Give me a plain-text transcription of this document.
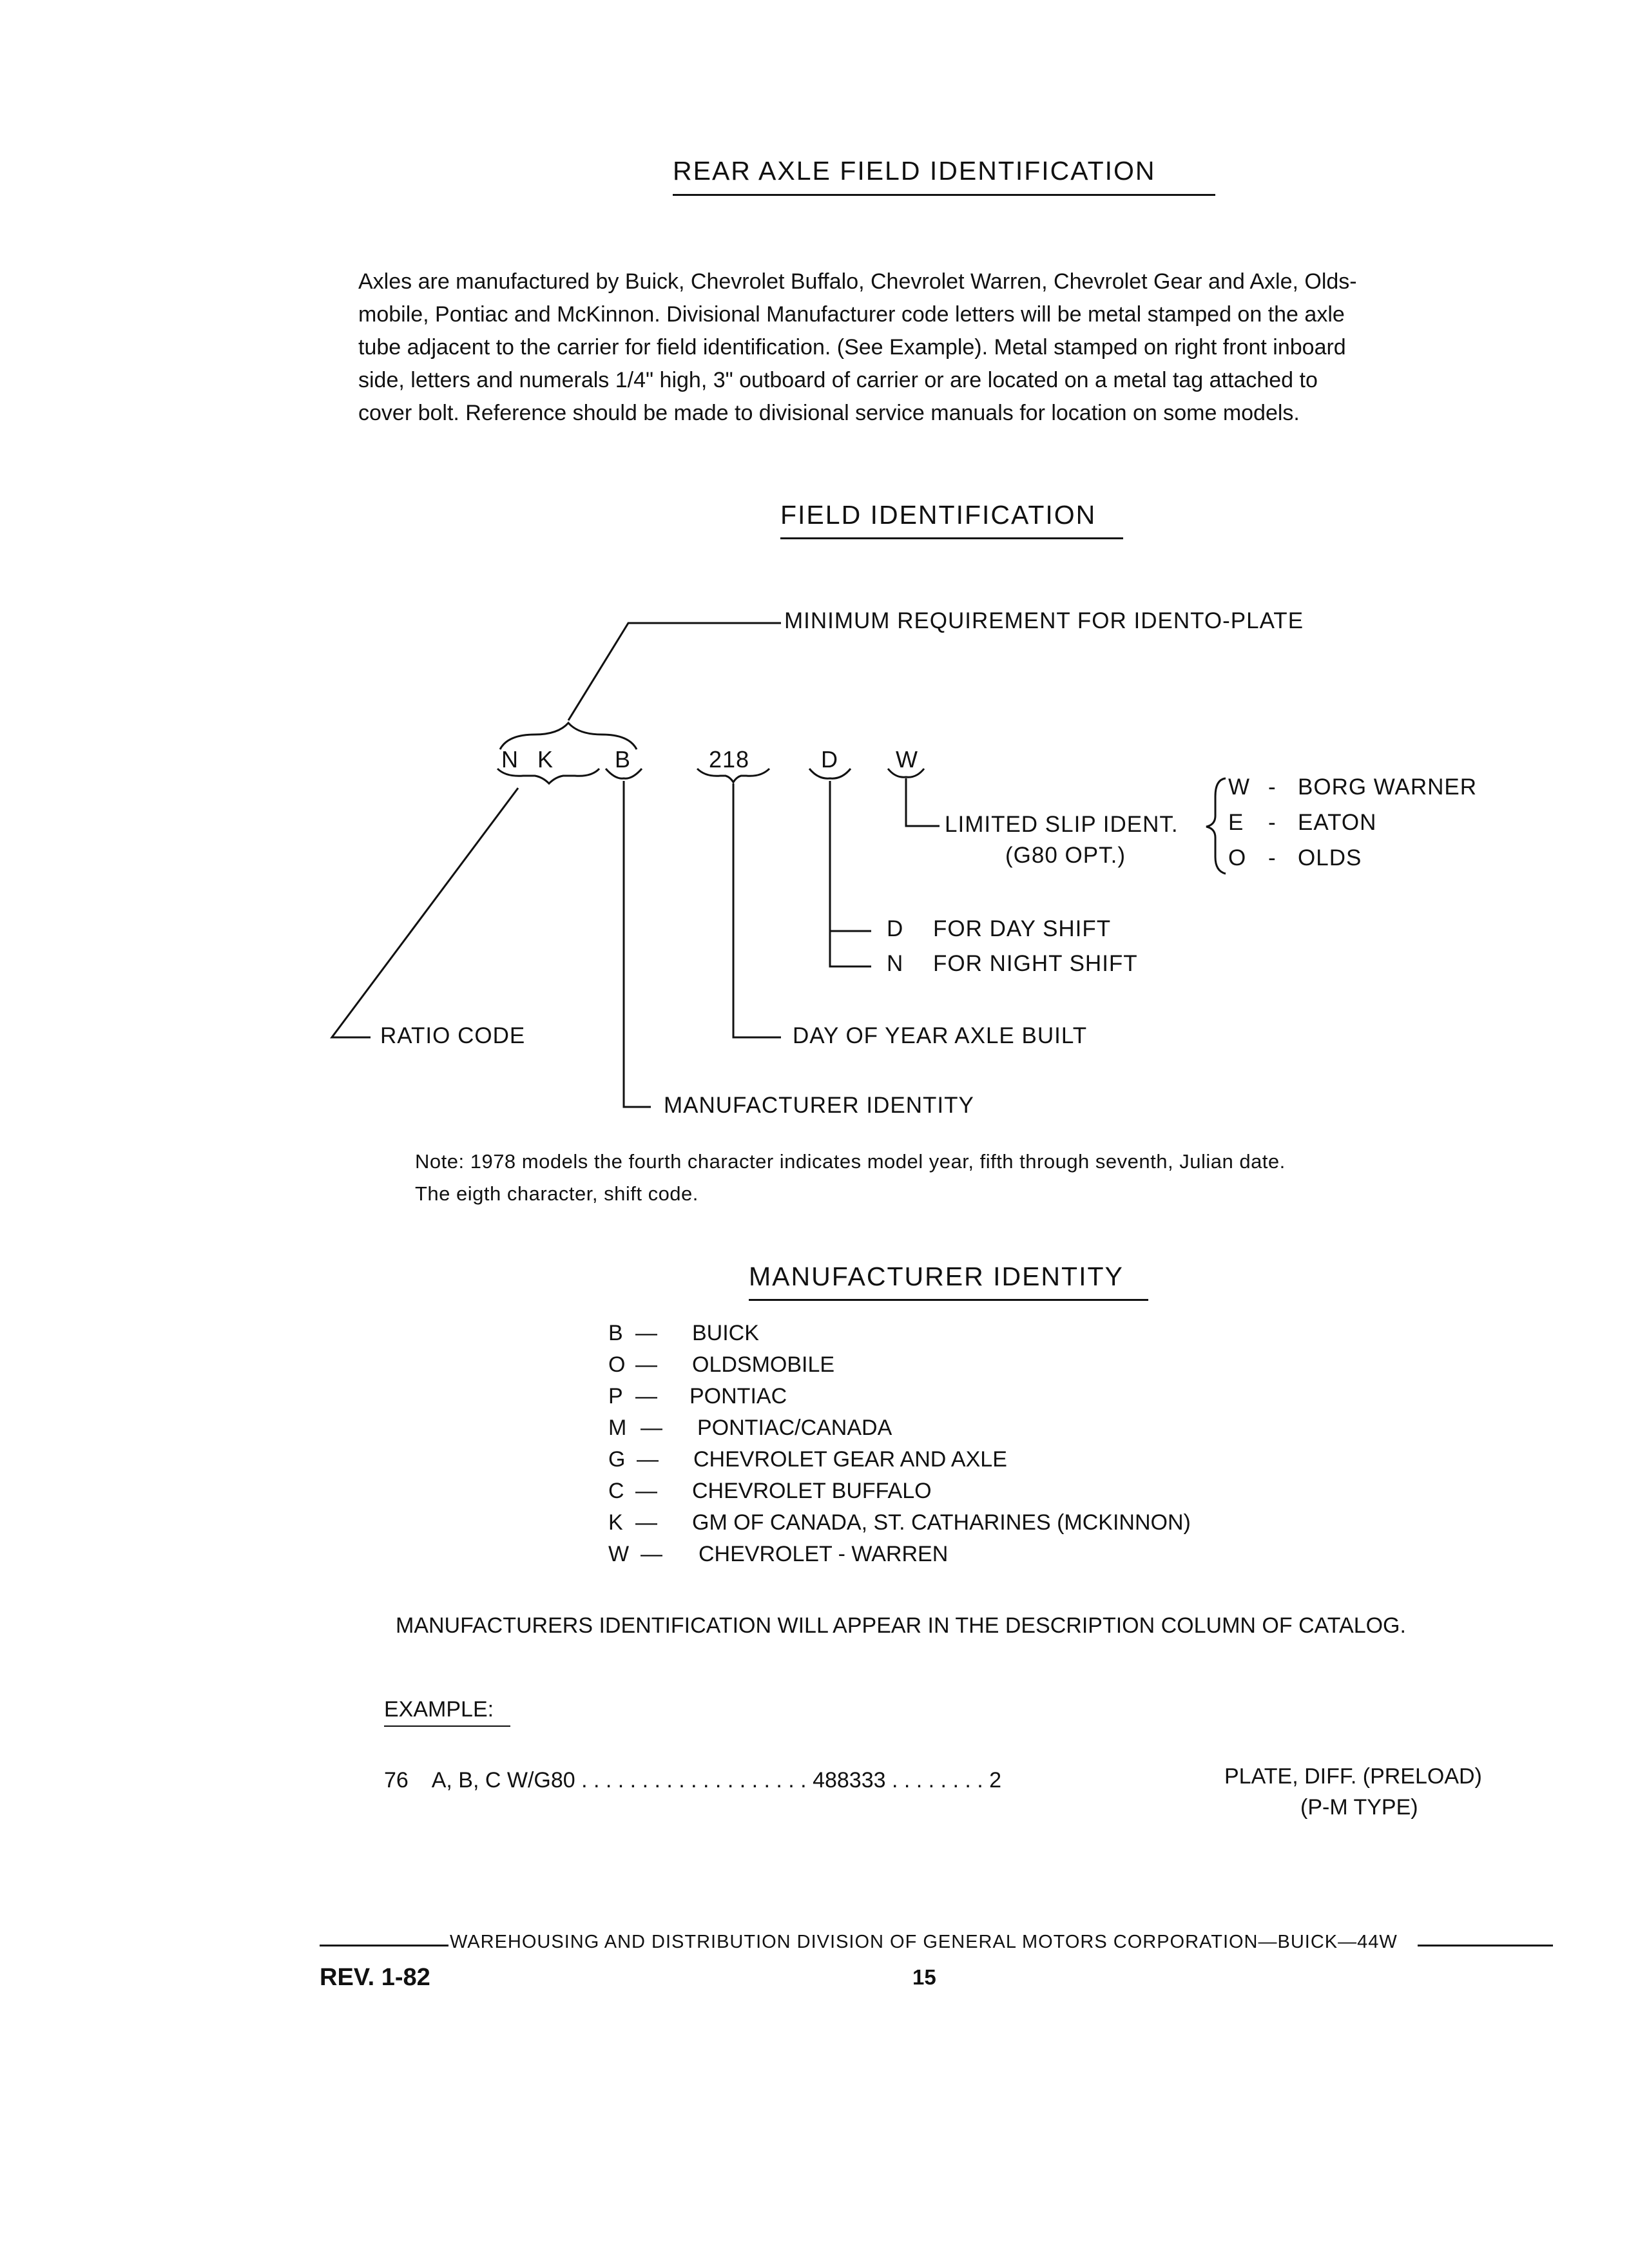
REAR AXLE FIELD IDENTIFICATION
Axles are manufactured by Buick, Chevrolet Buffalo, Chevrolet Warren, Chevrolet Gear and Axle, Olds-
mobile, Pontiac and McKinnon. Divisional Manufacturer code letters will be metal stamped on the axle
tube adjacent to the carrier for field identification. (See Example). Metal stamped on right front inboard
side, letters and numerals 1/4" high, 3" outboard of carrier or are located on a metal tag attached to
cover bolt. Reference should be made to divisional service manuals for location on some models.
FIELD IDENTIFICATION
MINIMUM REQUIREMENT FOR IDENTO-PLATE
N K	B	218	D W
LIMITED SLIP IDENT.
(G80 OPT.)
W - BORG WARNER
E - EATON
O - OLDS
D FOR DAY SHIFT
N FOR NIGHT SHIFT
RATIO CODE	DAY OF YEAR AXLE BUILT
MANUFACTURER IDENTITY
Note: 1978 models the fourth character indicates model year, fifth through seventh, Julian date.
The eigth character, shift code.
MANUFACTURER IDENTITY
B — BUICK
O — OLDSMOBILE
P — PONTIAC
M — PONTIAC/CANADA
G — CHEVROLET GEAR AND AXLE
C — CHEVROLET BUFFALO
K — GM OF CANADA, ST. CATHARINES (MCKINNON)
W — CHEVROLET - WARREN
MANUFACTURERS IDENTIFICATION WILL APPEAR IN THE DESCRIPTION COLUMN OF CATALOG.
EXAMPLE:
76    A, B, C W/G80 . . . . . . . . . . . . . . . . . . . 488333 . . . . . . . . 2	PLATE, DIFF. (PRELOAD)
(P-M TYPE)
WAREHOUSING AND DISTRIBUTION DIVISION OF GENERAL MOTORS CORPORATION—BUICK—44W
REV. 1-82	15
